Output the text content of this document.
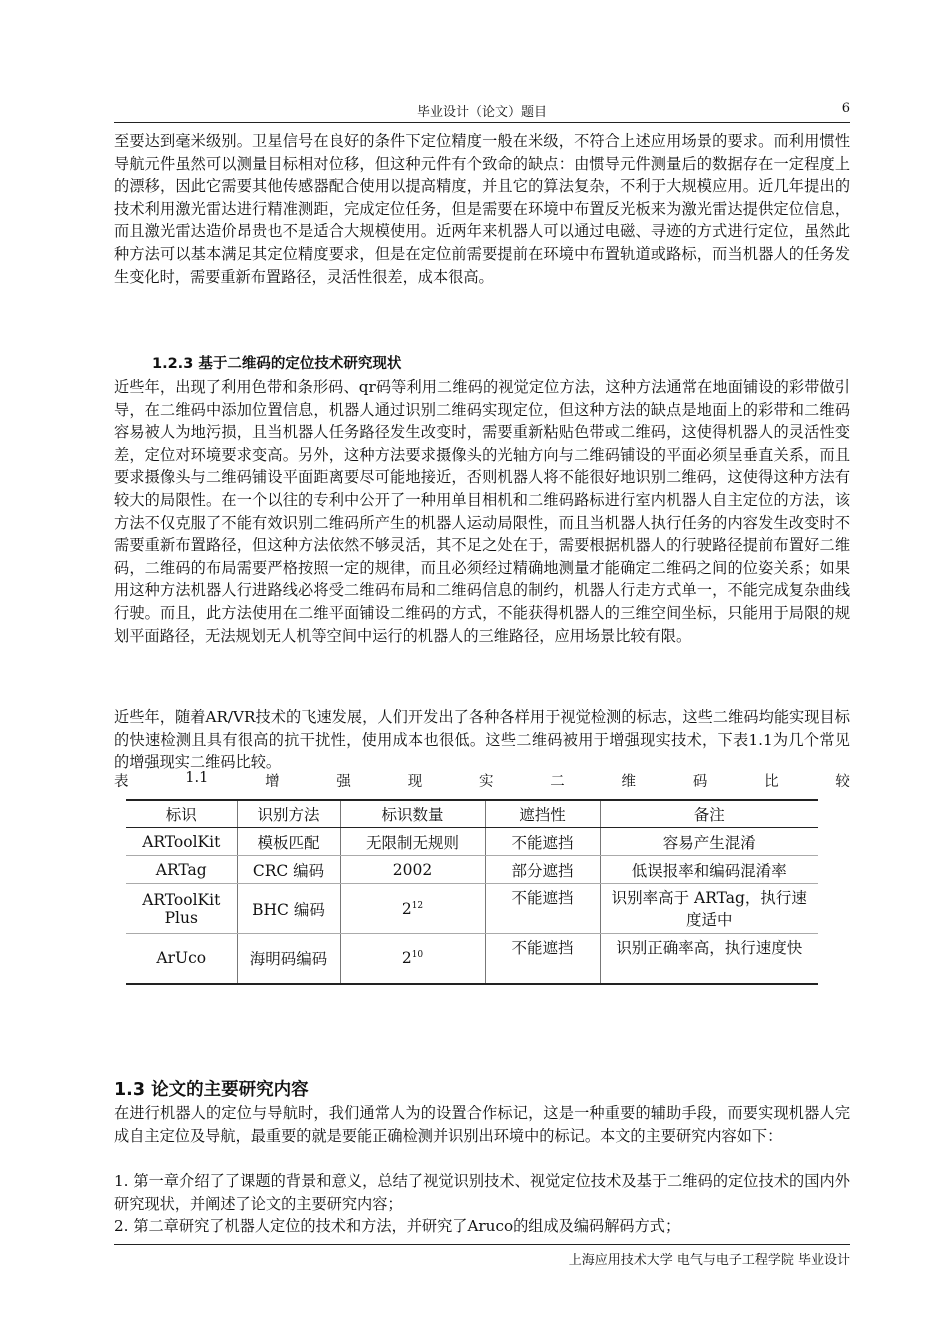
毕业设计（论文）题目	6

至要达到毫米级别。卫星信号在良好的条件下定位精度一般在米级，不符合上述应用场景的要求。而利用惯性导航元件虽然可以测量目标相对位移，但这种元件有个致命的缺点：由惯导元件测量后的数据存在一定程度上的漂移，因此它需要其他传感器配合使用以提高精度，并且它的算法复杂，不利于大规模应用。近几年提出的技术利用激光雷达进行精准测距，完成定位任务，但是需要在环境中布置反光板来为激光雷达提供定位信息，而且激光雷达造价昂贵也不是适合大规模使用。近两年来机器人可以通过电磁、寻迹的方式进行定位，虽然此种方法可以基本满足其定位精度要求，但是在定位前需要提前在环境中布置轨道或路标，而当机器人的任务发生变化时，需要重新布置路径，灵活性很差，成本很高。

1.2.3 基于二维码的定位技术研究现状

近些年，出现了利用色带和条形码、qr码等利用二维码的视觉定位方法，这种方法通常在地面铺设的彩带做引导，在二维码中添加位置信息，机器人通过识别二维码实现定位，但这种方法的缺点是地面上的彩带和二维码容易被人为地污损，且当机器人任务路径发生改变时，需要重新粘贴色带或二维码，这使得机器人的灵活性变差，定位对环境要求变高。另外，这种方法要求摄像头的光轴方向与二维码铺设的平面必须呈垂直关系，而且要求摄像头与二维码铺设平面距离要尽可能地接近，否则机器人将不能很好地识别二维码，这使得这种方法有较大的局限性。在一个以往的专利中公开了一种用单目相机和二维码路标进行室内机器人自主定位的方法，该方法不仅克服了不能有效识别二维码所产生的机器人运动局限性，而且当机器人执行任务的内容发生改变时不需要重新布置路径，但这种方法依然不够灵活，其不足之处在于，需要根据机器人的行驶路径提前布置好二维码，二维码的布局需要严格按照一定的规律，而且必须经过精确地测量才能确定二维码之间的位姿关系；如果用这种方法机器人行进路线必将受二维码布局和二维码信息的制约，机器人行走方式单一，不能完成复杂曲线行驶。而且，此方法使用在二维平面铺设二维码的方式，不能获得机器人的三维空间坐标，只能用于局限的规划平面路径，无法规划无人机等空间中运行的机器人的三维路径，应用场景比较有限。

近些年，随着AR/VR技术的飞速发展，人们开发出了各种各样用于视觉检测的标志，这些二维码均能实现目标的快速检测且具有很高的抗干扰性，使用成本也很低。这些二维码被用于增强现实技术，下表1.1为几个常见的增强现实二维码比较。

表	1.1	增	强	现	实	二	维	码	比	较
标识	识别方法	标识数量	遮挡性	备注
ARToolKit	模板匹配	无限制无规则	不能遮挡	容易产生混淆
ARTag	CRC 编码	2002	部分遮挡	低误报率和编码混淆率
ARToolKit Plus	BHC 编码	$2^{12}$	不能遮挡	识别率高于 ARTag，执行速度适中
ArUco	海明码编码	$2^{10}$	不能遮挡	识别正确率高，执行速度快
1.3 论文的主要研究内容

在进行机器人的定位与导航时，我们通常人为的设置合作标记，这是一种重要的辅助手段，而要实现机器人完成自主定位及导航，最重要的就是要能正确检测并识别出环境中的标记。本文的主要研究内容如下：

1. 第一章介绍了了课题的背景和意义，总结了视觉识别技术、视觉定位技术及基于二维码的定位技术的国内外研究现状，并阐述了论文的主要研究内容；

2. 第二章研究了机器人定位的技术和方法，并研究了Aruco的组成及编码解码方式；

上海应用技术大学 电气与电子工程学院 毕业设计
